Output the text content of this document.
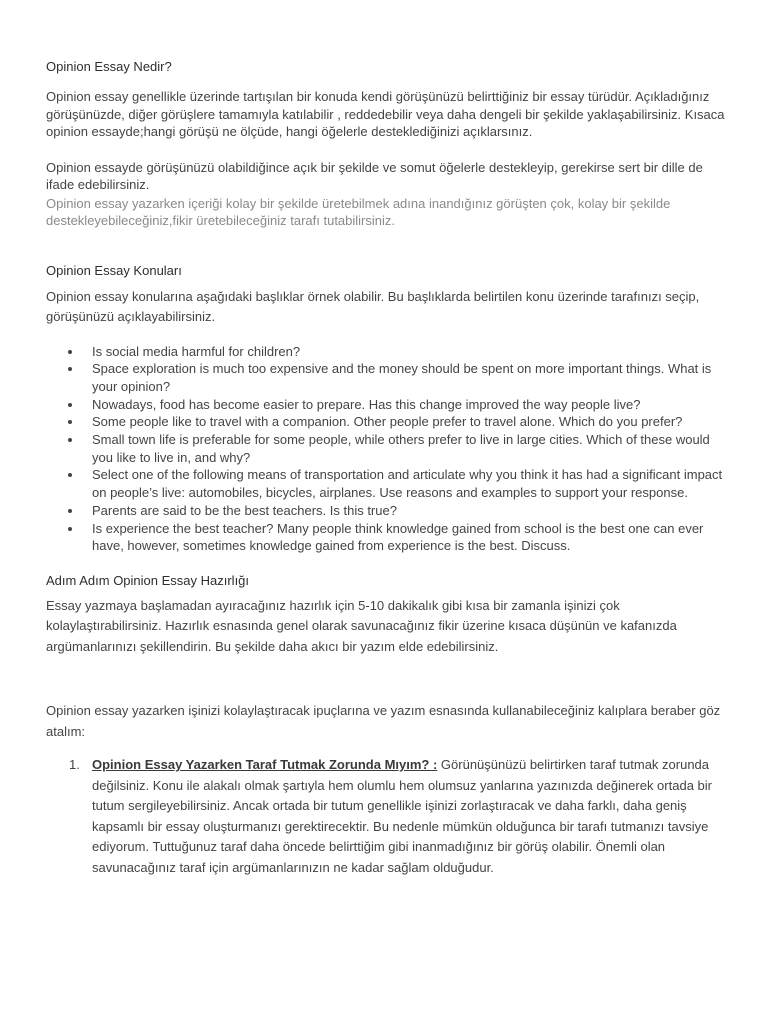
Opinion Essay Nedir?

Opinion essay genellikle üzerinde tartışılan bir konuda kendi görüşünüzü belirttiğiniz bir essay türüdür. Açıkladığınız görüşünüzde, diğer görüşlere tamamıyla katılabilir , reddedebilir veya daha dengeli bir şekilde yaklaşabilirsiniz. Kısaca opinion essayde;hangi görüşü ne ölçüde, hangi öğelerle desteklediğinizi açıklarsınız.

Opinion essayde görüşünüzü olabildiğince açık bir şekilde ve somut öğelerle destekleyip, gerekirse sert bir dille de ifade edebilirsiniz.

Opinion essay yazarken içeriği kolay bir şekilde üretebilmek adına inandığınız görüşten çok, kolay bir şekilde destekleyebileceğiniz,fikir üretebileceğiniz tarafı tutabilirsiniz.

Opinion Essay Konuları

Opinion essay konularına aşağıdaki başlıklar örnek olabilir. Bu başlıklarda belirtilen konu üzerinde tarafınızı seçip, görüşünüzü açıklayabilirsiniz.

Is social media harmful for children?
Space exploration is much too expensive and the money should be spent on more important things. What is your opinion?
Nowadays, food has become easier to prepare. Has this change improved the way people live?
Some people like to travel with a companion. Other people prefer to travel alone. Which do you prefer?
Small town life is preferable for some people, while others prefer to live in large cities. Which of these would you like to live in, and why?
Select one of the following means of transportation and articulate why you think it has had a significant impact on people’s live: automobiles, bicycles, airplanes. Use reasons and examples to support your response.
Parents are said to be the best teachers. Is this true?
Is experience the best teacher? Many people think knowledge gained from school is the best one can ever have, however, sometimes knowledge gained from experience is the best. Discuss.

Adım Adım Opinion Essay Hazırlığı

Essay yazmaya başlamadan ayıracağınız hazırlık için 5-10 dakikalık gibi kısa bir zamanla işinizi çok kolaylaştırabilirsiniz. Hazırlık esnasında genel olarak savunacağınız fikir üzerine kısaca düşünün ve kafanızda argümanlarınızı şekillendirin. Bu şekilde daha akıcı bir yazım elde edebilirsiniz.

Opinion essay yazarken işinizi kolaylaştıracak ipuçlarına ve yazım esnasında kullanabileceğiniz kalıplara beraber göz atalım:

1. Opinion Essay Yazarken Taraf Tutmak Zorunda Mıyım? : Görünüşünüzü belirtirken taraf tutmak zorunda değilsiniz. Konu ile alakalı olmak şartıyla hem olumlu hem olumsuz yanlarına yazınızda değinerek ortada bir tutum sergileyebilirsiniz. Ancak ortada bir tutum genellikle işinizi zorlaştıracak ve daha farklı, daha geniş kapsamlı bir essay oluşturmanızı gerektirecektir. Bu nedenle mümkün olduğunca bir tarafı tutmanızı tavsiye ediyorum. Tuttuğunuz taraf daha öncede belirttiğim gibi inanmadığınız bir görüş olabilir. Önemli olan savunacağınız taraf için argümanlarınızın ne kadar sağlam olduğudur.
